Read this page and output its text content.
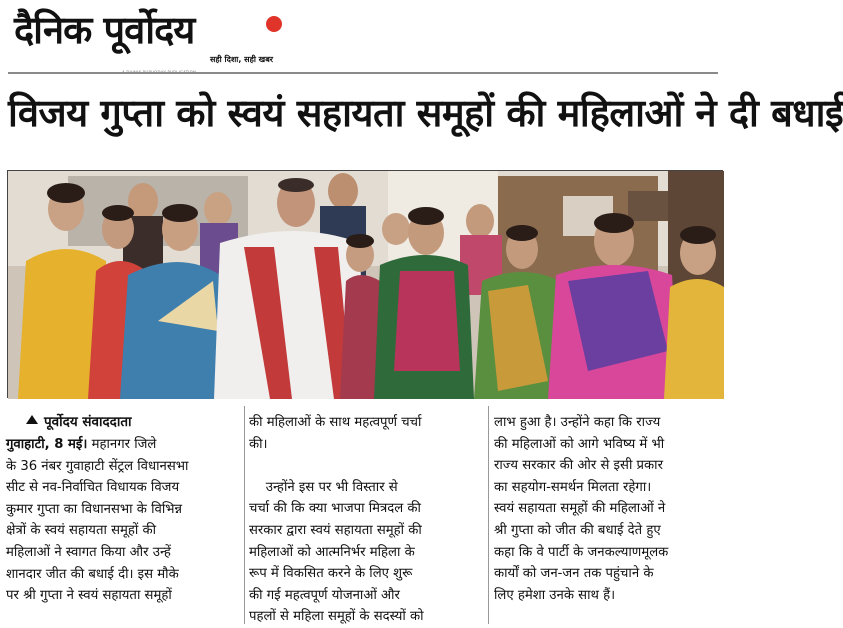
दैनिक पूर्वोदय
सही दिशा, सही खबर
विजय गुप्ता को स्वयं सहायता समूहों की महिलाओं ने दी बधाई
पूर्वोदय संवाददाता
गुवाहाटी, 8 मई। महानगर जिले
के 36 नंबर गुवाहाटी सेंट्रल विधानसभा
सीट से नव-निर्वाचित विधायक विजय
कुमार गुप्ता का विधानसभा के विभिन्न
क्षेत्रों के स्वयं सहायता समूहों की
महिलाओं ने स्वागत किया और उन्हें
शानदार जीत की बधाई दी। इस मौके
पर श्री गुप्ता ने स्वयं सहायता समूहों
की महिलाओं के साथ महत्वपूर्ण चर्चा
की।
उन्होंने इस पर भी विस्तार से
चर्चा की कि क्या भाजपा मित्रदल की
सरकार द्वारा स्वयं सहायता समूहों की
महिलाओं को आत्मनिर्भर महिला के
रूप में विकसित करने के लिए शुरू
की गई महत्वपूर्ण योजनाओं और
पहलों से महिला समूहों के सदस्यों को
लाभ हुआ है। उन्होंने कहा कि राज्य
की महिलाओं को आगे भविष्य में भी
राज्य सरकार की ओर से इसी प्रकार
का सहयोग-समर्थन मिलता रहेगा।
स्वयं सहायता समूहों की महिलाओं ने
श्री गुप्ता को जीत की बधाई देते हुए
कहा कि वे पार्टी के जनकल्याणमूलक
कार्यों को जन-जन तक पहुंचाने के
लिए हमेशा उनके साथ हैं।
